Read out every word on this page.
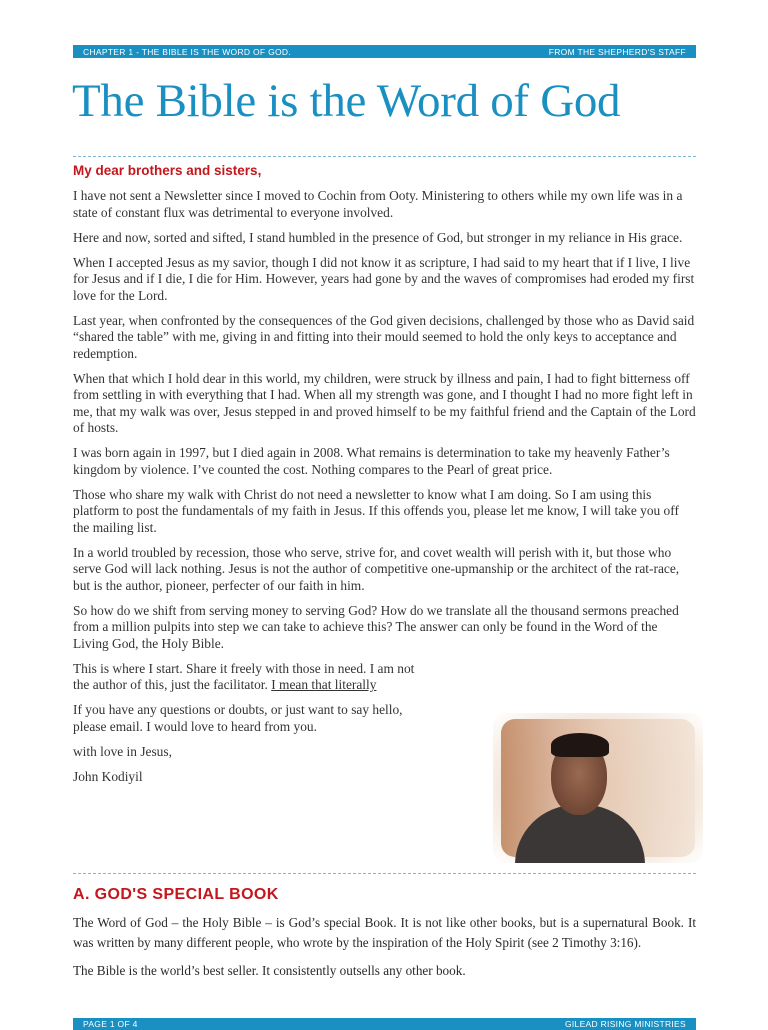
CHAPTER 1 - THE BIBLE IS THE WORD OF GOD.	FROM THE SHEPHERD'S STAFF
The Bible is the Word of God
My dear brothers and sisters,

I have not sent a Newsletter since I moved to Cochin from Ooty. Ministering to others while my own life was in a state of constant flux was detrimental to everyone involved.

Here and now, sorted and sifted, I stand humbled in the presence of God, but stronger in my reliance in His grace.

When I accepted Jesus as my savior, though I did not know it as scripture, I had said to my heart that if I live, I live for Jesus and if I die, I die for Him. However, years had gone by and the waves of compromises had eroded my first love for the Lord.

Last year, when confronted by the consequences of the God given decisions, challenged by those who as David said “shared the table” with me, giving in and fitting into their mould seemed to hold the only keys to acceptance and redemption.

When that which I hold dear in this world, my children, were struck by illness and pain, I had to fight bitterness off from settling in with everything that I had. When all my strength was gone, and I thought I had no more fight left in me, that my walk was over, Jesus stepped in and proved himself to be my faithful friend and the Captain of the Lord of hosts.

I was born again in 1997, but I died again in 2008. What remains is determination to take my heavenly Father’s kingdom by violence. I’ve counted the cost. Nothing compares to the Pearl of great price.

Those who share my walk with Christ do not need a newsletter to know what I am doing. So I am using this platform to post the fundamentals of my faith in Jesus. If this offends you, please let me know, I will take you off the mailing list.

In a world troubled by recession, those who serve, strive for, and covet wealth will perish with it, but those who serve God will lack nothing. Jesus is not the author of competitive one-upmanship or the architect of the rat-race, but is the author, pioneer, perfecter of our faith in him.

So how do we shift from serving money to serving God? How do we translate all the thousand sermons preached from a million pulpits into step we can take to achieve this? The answer can only be found in the Word of the Living God, the Holy Bible.

This is where I start. Share it freely with those in need. I am not
the author of this, just the facilitator. I mean that literally

If you have any questions or doubts, or just want to say hello,
please email. I would love to heard from you.

with love in Jesus,

John Kodiyil

A. GOD'S SPECIAL BOOK

The Word of God – the Holy Bible – is God’s special Book. It is not like other books, but is a supernatural Book. It was written by many different people, who wrote by the inspiration of the Holy Spirit (see 2 Timothy 3:16).

The Bible is the world’s best seller. It consistently outsells any other book.

PAGE 1 OF 4	GILEAD RISING MINISTRIES
